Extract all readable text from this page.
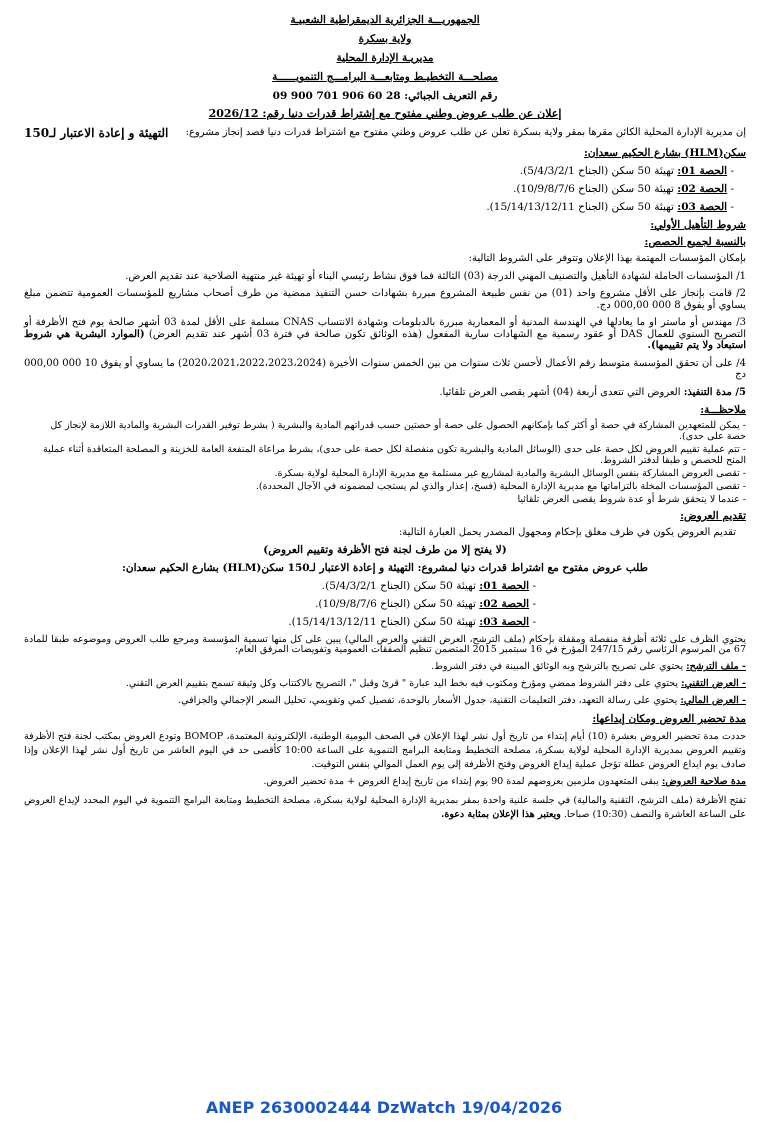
الجمهوريـــة الجزائرية الديمقراطية الشعبيـة
ولاية بسكرة
مديريـة الإدارة المحلية
مصلحـــة التخطيـط ومتابعـــة البرامـــج التنمويــــــة
رقم التعريف الجبائي: 28 60 906 701 900 09
إعلان عن طلب عروض وطني مفتوح مع إشتراط قدرات دنيا رقم: 2026/12
إن مديرية الإدارة المحلية الكائن مقرها بمقر ولاية بسكرة تعلن عن طلب عروض وطني مفتوح مع اشتراط قدرات دنيا قصد إنجاز مشروع:
التهيئة و إعادة الاعتبار لـ150
سكن(HLM) بشارع الحكيم سعدان:
- الحصة 01: تهيئة 50 سكن (الجناح 5/4/3/2/1).
- الحصة 02: تهيئة 50 سكن (الجناح 10/9/8/7/6).
- الحصة 03: تهيئة 50 سكن (الجناح 15/14/13/12/11).
شروط التأهيل الأولي:
بالنسبة لجميع الحصص:

بإمكان المؤسسات المهتمة بهذا الإعلان وتتوفر على الشروط التالية:

1/ المؤسسات الحاملة لشهادة التأهيل والتصنيف المهني الدرجة (03) الثالثة فما فوق نشاط رئيسي البناء أو تهيئة غير منتهية الصلاحية عند تقديم العرض.

2/ قامت بإنجاز على الأقل مشروع واحد (01) من نفس طبيعة المشروع مبررة بشهادات حسن التنفيذ ممضية من طرف أصحاب مشاريع للمؤسسات العمومية تتضمن مبلغ يساوي أو يفوق 8 000 000,00 دج.

3/ مهندس أو ماستر او ما يعادلها في الهندسة المدنية أو المعمارية مبررة بالدبلومات وشهادة الانتساب CNAS مسلمة على الأقل لمدة 03 أشهر صالحة يوم فتح الأظرفة أو التصريح السنوي للعمال DAS أو عقود رسمية مع الشهادات سارية المفعول (هذه الوثائق تكون صالحة في فترة 03 أشهر عند تقديم العرض) (الموارد البشرية هي شروط استبعاد ولا يتم تقييمها).

4/ على أن تحقق المؤسسة متوسط رقم الأعمال لأحسن ثلاث سنوات من بين الخمس سنوات الأخيرة (2020،2021،2022،2023،2024) ما يساوي أو يفوق 10 000 000,00 دج

5/ مدة التنفيذ: العروض التي تتعدى أربعة (04) أشهر يقصى العرض تلقائيا.

ملاحظـــة:
- يمكن للمتعهدين المشاركة في حصة أو أكثر كما بإمكانهم الحصول على حصة أو حصتين حسب قدراتهم المادية والبشرية ( بشرط توفير القدرات البشرية والمادية اللازمة لإنجاز كل حصة على حدى).
- تتم عملية تقييم العروض لكل حصة على حدى (الوسائل المادية والبشرية تكون منفصلة لكل حصة على حدى)، بشرط مراعاة المنفعة العامة للخزينة و المصلحة المتعاقدة أثناء عملية المنح للحصص و طبقا لدفتر الشروط.
- تقصى العروض المشاركة بنفس الوسائل البشرية والمادية لمشاريع غير مستلمة مع مديرية الإدارة المحلية لولاية بسكرة.
- تقصى المؤسسات المخلة بالتزاماتها مع مديرية الإدارة المحلية (فسخ، إعذار والذي لم يستجب لمضمونه في الآجال المحددة).
- عندما لا يتحقق شرط أو عدة شروط يقصى العرض تلقائيا
تقديم العروض:

تقديم العروض يكون في ظرف مغلق بإحكام ومجهول المصدر يحمل العبارة التالية:

(لا يفتح إلا من طرف لجنة فتح الأظرفة وتقييم العروض)
طلب عروض مفتوح مع اشتراط قدرات دنيا لمشروع: التهيئة و إعادة الاعتبار لـ150 سكن(HLM) بشارع الحكيم سعدان:
- الحصة 01: تهيئة 50 سكن (الجناح 5/4/3/2/1).
- الحصة 02: تهيئة 50 سكن (الجناح 10/9/8/7/6).
- الحصة 03: تهيئة 50 سكن (الجناح 15/14/13/12/11).

يحتوي الظرف على ثلاثة أظرفة منفصلة ومقفلة بإحكام (ملف الترشح، العرض التقني والعرض المالي) يبين على كل منها تسمية المؤسسة ومرجع طلب العروض وموضوعه طبقا للمادة 67 من المرسوم الرئاسي رقم 247/15 المؤرخ في 16 سبتمبر 2015 المتضمن تنظيم الصفقات العمومية وتفويضات المرفق العام:

- ملف الترشح: يحتوي على تصريح بالترشح وبه الوثائق المبينة في دفتر الشروط.

- العرض التقني: يحتوي على دفتر الشروط ممضي ومؤرخ ومكتوب فيه بخط اليد عبارة " قرئ وقبل "، التصريح بالاكتتاب وكل وثيقة تسمح بتقييم العرض التقني.

- العرض المالي: يحتوي على رسالة التعهد، دفتر التعليمات التقنية، جدول الأسعار بالوحدة، تفصيل كمي وتقويمي، تحليل السعر الإجمالي والجزافي.

مدة تحضير العروض ومكان إيداعها:

حددت مدة تحضير العروض بعشرة (10) أيام إبتداء من تاريخ أول نشر لهذا الإعلان في الصحف اليومية الوطنية، الإلكترونية المعتمدة، BOMOP وتودع العروض بمكتب لجنة فتح الأظرفة وتقييم العروض بمديرية الإدارة المحلية لولاية بسكرة، مصلحة التخطيط ومتابعة البرامج التنموية على الساعة 10:00 كأقصى حد في اليوم العاشر من تاريخ أول نشر لهذا الإعلان وإذا صادف يوم ايداع العروض عطلة تؤجل عملية إيداع العروض وفتح الأظرفة إلى يوم العمل الموالي بنفس التوقيت.

مدة صلاحية العروض: يبقى المتعهدون ملزمين بعروضهم لمدة 90 يوم إبتداء من تاريخ إيداع العروض + مدة تحضير العروض.

تفتح الأظرفة (ملف الترشح، التقنية والمالية) في جلسة علنية واحدة بمقر بمديرية الإدارة المحلية لولاية بسكرة، مصلحة التخطيط ومتابعة البرامج التنموية في اليوم المحدد لإيداع العروض على الساعة العاشرة والنصف (10:30) صباحا. ويعتبر هذا الإعلان بمثابة دعوة.

ANEP 2630002444 DzWatch 19/04/2026
